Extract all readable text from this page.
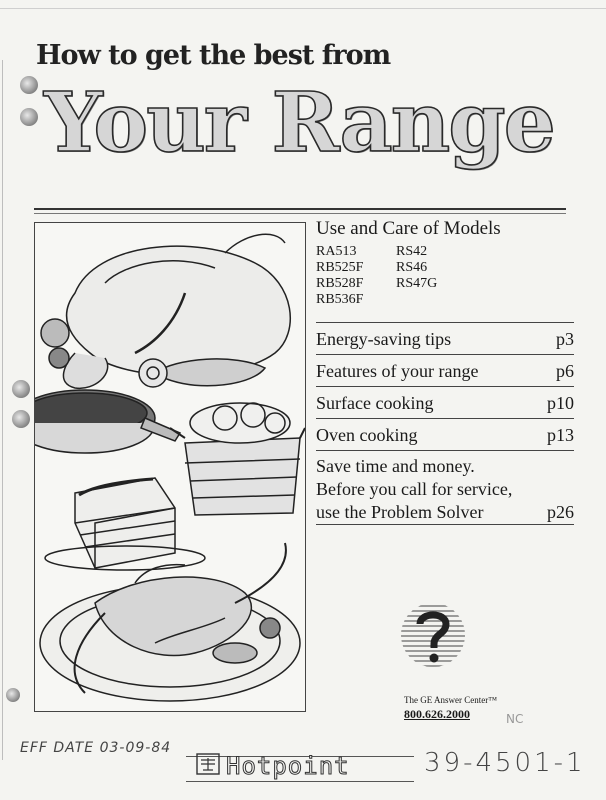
How to get the best from
Your Range

Use and Care of Models

RA513	RS42
RB525F	RS46
RB528F	RS47G
RB536F
Energy-saving tips	p3
Features of your range	p6
Surface cooking	p10
Oven cooking	p13
Save time and money.
Before you call for service,
use the Problem Solver	p26
The GE Answer Center™
800.626.2000	NC
EFF DATE 03-09-84
Hotpoint	39-4501-1
